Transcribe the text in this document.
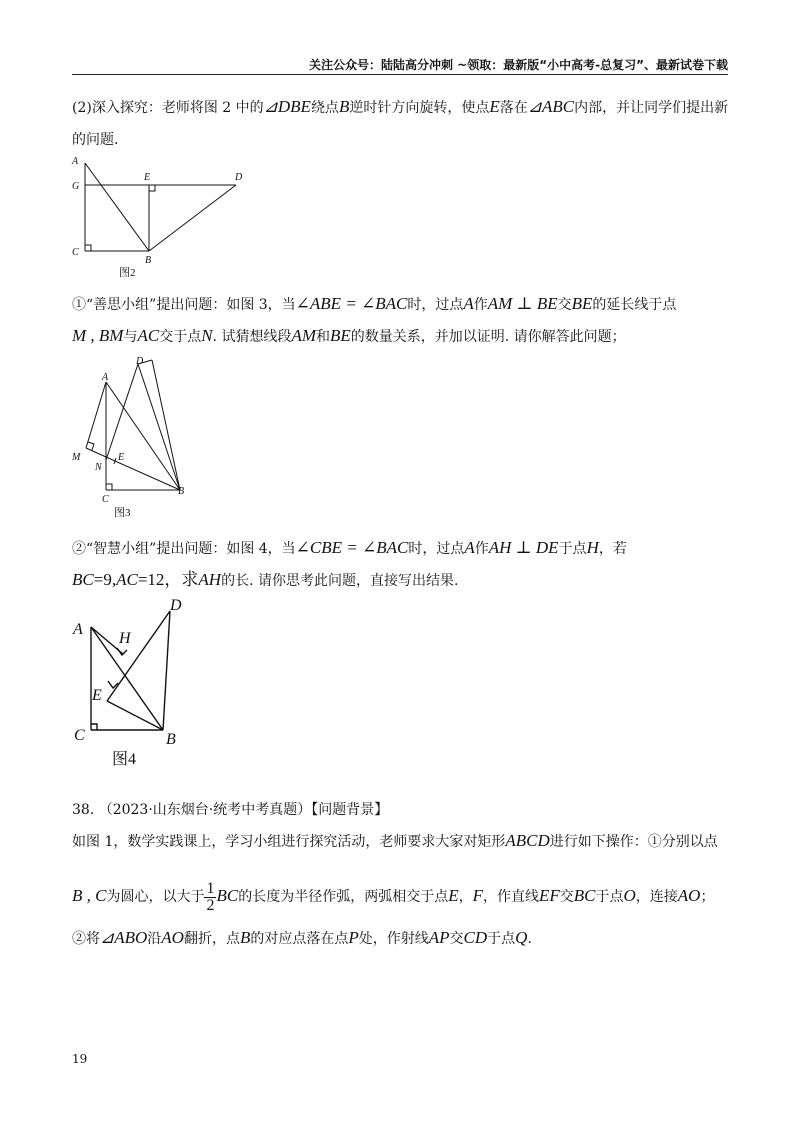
关注公众号：陆陆高分冲刺 ~领取：最新版“小中高考-总复习”、最新试卷下载
(2)深入探究：老师将图 2 中的⊿DBE绕点B逆时针方向旋转，使点E落在⊿ABC内部，并让同学们提出新
的问题.
A
G
E	D
C
B
图2
①“善思小组”提出问题：如图 3，当∠ABE = ∠BAC时，过点A作AM ⊥ BE交BE的延长线于点
M , BM与AC交于点N. 试猜想线段AM和BE的数量关系，并加以证明. 请你解答此问题；
A
D
M
N
E
C
B
图3
②“智慧小组”提出问题：如图 4，当∠CBE = ∠BAC时，过点A作AH ⊥ DE于点H，若
BC=9,AC=12，求AH的长. 请你思考此问题，直接写出结果.
A
D
H
E
C	B
图4
38. （2023·山东烟台·统考中考真题）【问题背景】
如图 1，数学实践课上，学习小组进行探究活动，老师要求大家对矩形ABCD进行如下操作：①分别以点
B , C为圆心，以大于 $\frac{1}{2}$ BC的长度为半径作弧，两弧相交于点E，F，作直线EF交BC于点O，连接AO；
②将⊿ABO沿AO翻折，点B的对应点落在点P处，作射线AP交CD于点Q.
19
